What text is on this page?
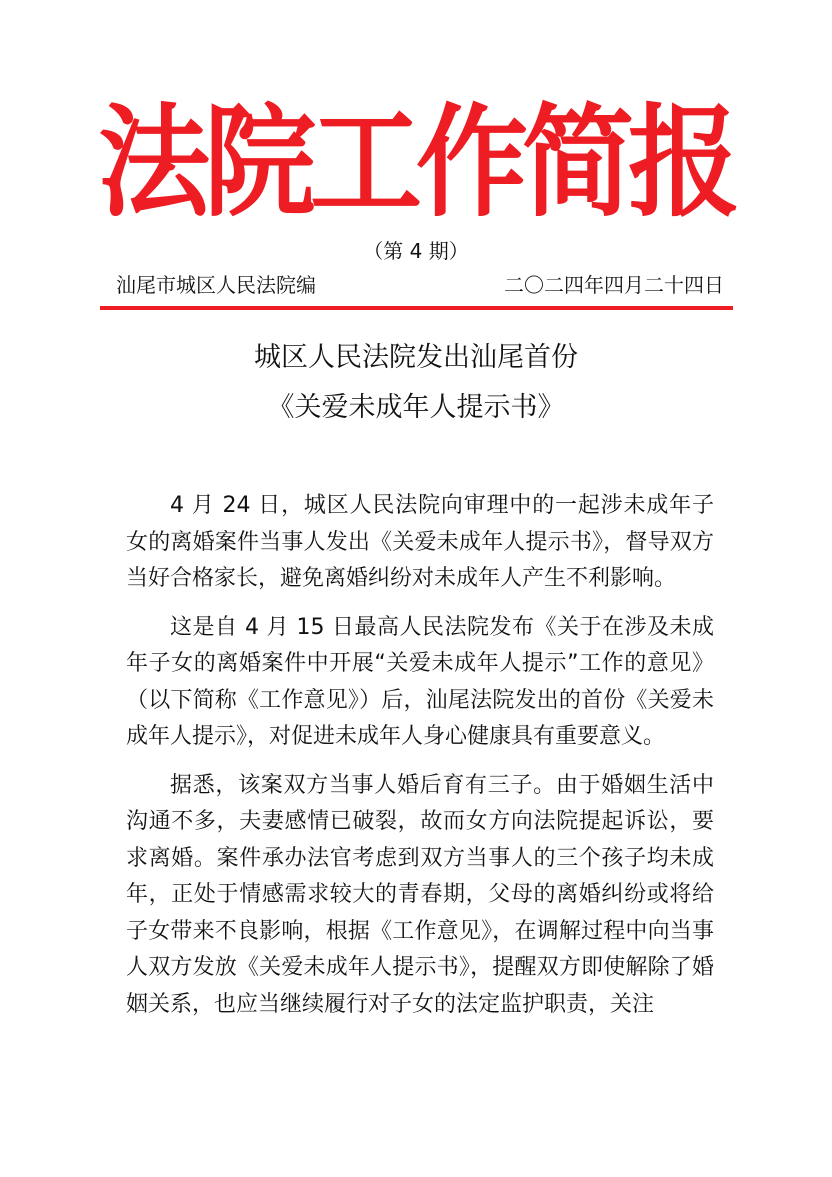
法院工作简报
（第 4 期）
汕尾市城区人民法院编	二〇二四年四月二十四日
城区人民法院发出汕尾首份
《关爱未成年人提示书》

4 月 24 日，城区人民法院向审理中的一起涉未成年子女的离婚案件当事人发出《关爱未成年人提示书》，督导双方当好合格家长，避免离婚纠纷对未成年人产生不利影响。

这是自 4 月 15 日最高人民法院发布《关于在涉及未成年子女的离婚案件中开展“关爱未成年人提示”工作的意见》（以下简称《工作意见》）后，汕尾法院发出的首份《关爱未成年人提示》，对促进未成年人身心健康具有重要意义。

据悉，该案双方当事人婚后育有三子。由于婚姻生活中沟通不多，夫妻感情已破裂，故而女方向法院提起诉讼，要求离婚。案件承办法官考虑到双方当事人的三个孩子均未成年，正处于情感需求较大的青春期，父母的离婚纠纷或将给子女带来不良影响，根据《工作意见》，在调解过程中向当事人双方发放《关爱未成年人提示书》，提醒双方即使解除了婚姻关系，也应当继续履行对子女的法定监护职责，关注
